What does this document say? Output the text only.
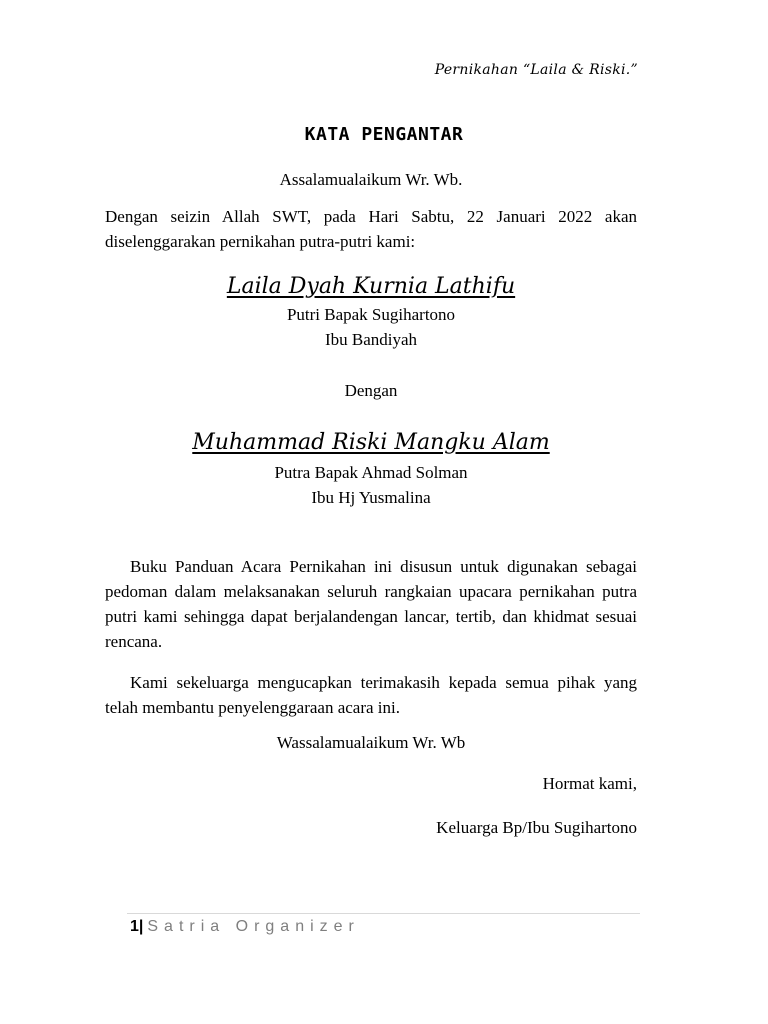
Pernikahan “Laila & Riski.”
KATA PENGANTAR
Assalamualaikum Wr. Wb.

Dengan seizin Allah SWT, pada Hari Sabtu, 22 Januari 2022 akan diselenggarakan pernikahan putra-putri kami:

Laila Dyah Kurnia Lathifu
Putri Bapak Sugihartono
Ibu Bandiyah
Dengan
Muhammad Riski Mangku Alam
Putra Bapak Ahmad Solman
Ibu Hj Yusmalina

Buku Panduan Acara Pernikahan ini disusun untuk digunakan sebagai pedoman dalam melaksanakan seluruh rangkaian upacara pernikahan putra putri kami sehingga dapat berjalandengan lancar, tertib, dan khidmat sesuai rencana.

Kami sekeluarga mengucapkan terimakasih kepada semua pihak yang telah membantu penyelenggaraan acara ini.

Wassalamualaikum Wr. Wb
Hormat kami,
Keluarga Bp/Ibu Sugihartono
1| Satria Organizer
